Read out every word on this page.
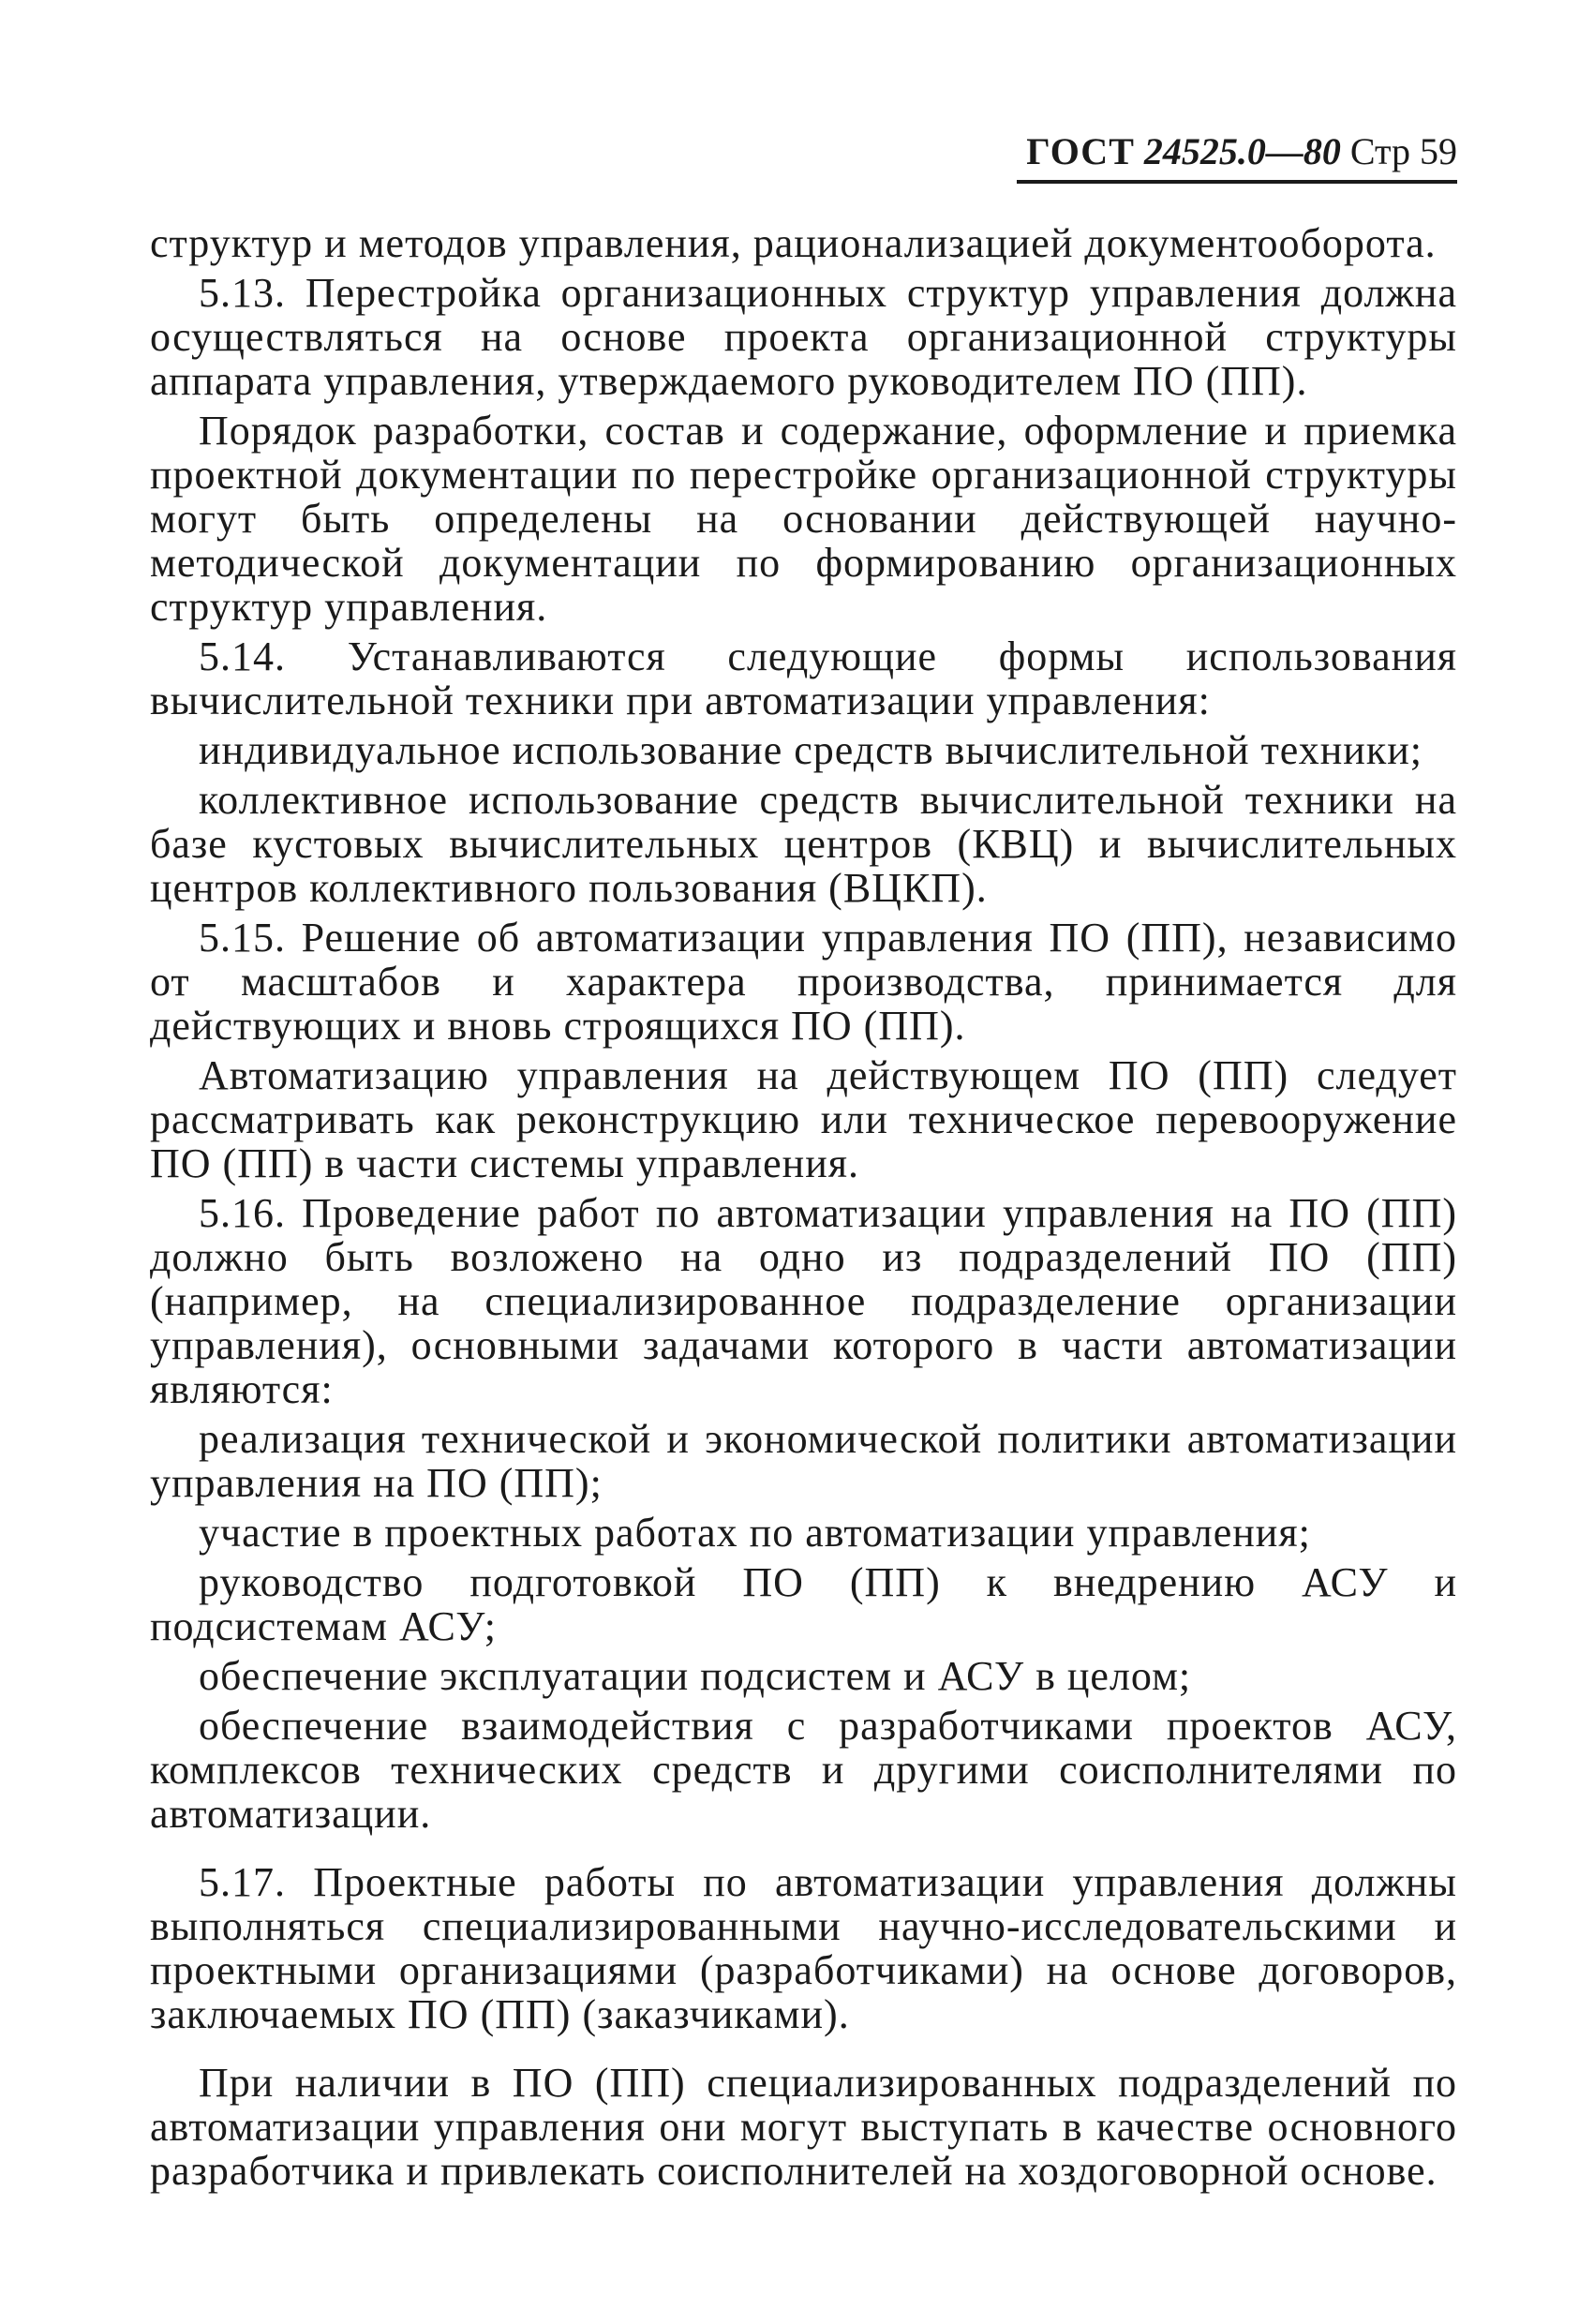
ГОСТ 24525.0—80 Стр 59

структур и методов управления, рационализацией документооборота.

5.13. Перестройка организационных структур управления должна осуществляться на основе проекта организационной структуры аппарата управления, утверждаемого руководителем ПО (ПП).

Порядок разработки, состав и содержание, оформление и приемка проектной документации по перестройке организационной структуры могут быть определены на основании действующей научно-методической документации по формированию организационных структур управления.

5.14. Устанавливаются следующие формы использования вычислительной техники при автоматизации управления:

индивидуальное использование средств вычислительной техники;

коллективное использование средств вычислительной техники на базе кустовых вычислительных центров (КВЦ) и вычислительных центров коллективного пользования (ВЦКП).

5.15. Решение об автоматизации управления ПО (ПП), независимо от масштабов и характера производства, принимается для действующих и вновь строящихся ПО (ПП).

Автоматизацию управления на действующем ПО (ПП) следует рассматривать как реконструкцию или техническое перевооружение ПО (ПП) в части системы управления.

5.16. Проведение работ по автоматизации управления на ПО (ПП) должно быть возложено на одно из подразделений ПО (ПП) (например, на специализированное подразделение организации управления), основными задачами которого в части автоматизации являются:

реализация технической и экономической политики автоматизации управления на ПО (ПП);

участие в проектных работах по автоматизации управления;

руководство подготовкой ПО (ПП) к внедрению АСУ и подсистемам АСУ;

обеспечение эксплуатации подсистем и АСУ в целом;

обеспечение взаимодействия с разработчиками проектов АСУ, комплексов технических средств и другими соисполнителями по автоматизации.

5.17. Проектные работы по автоматизации управления должны выполняться специализированными научно-исследовательскими и проектными организациями (разработчиками) на основе договоров, заключаемых ПО (ПП) (заказчиками).

При наличии в ПО (ПП) специализированных подразделений по автоматизации управления они могут выступать в качестве основного разработчика и привлекать соисполнителей на хоздоговорной основе.
